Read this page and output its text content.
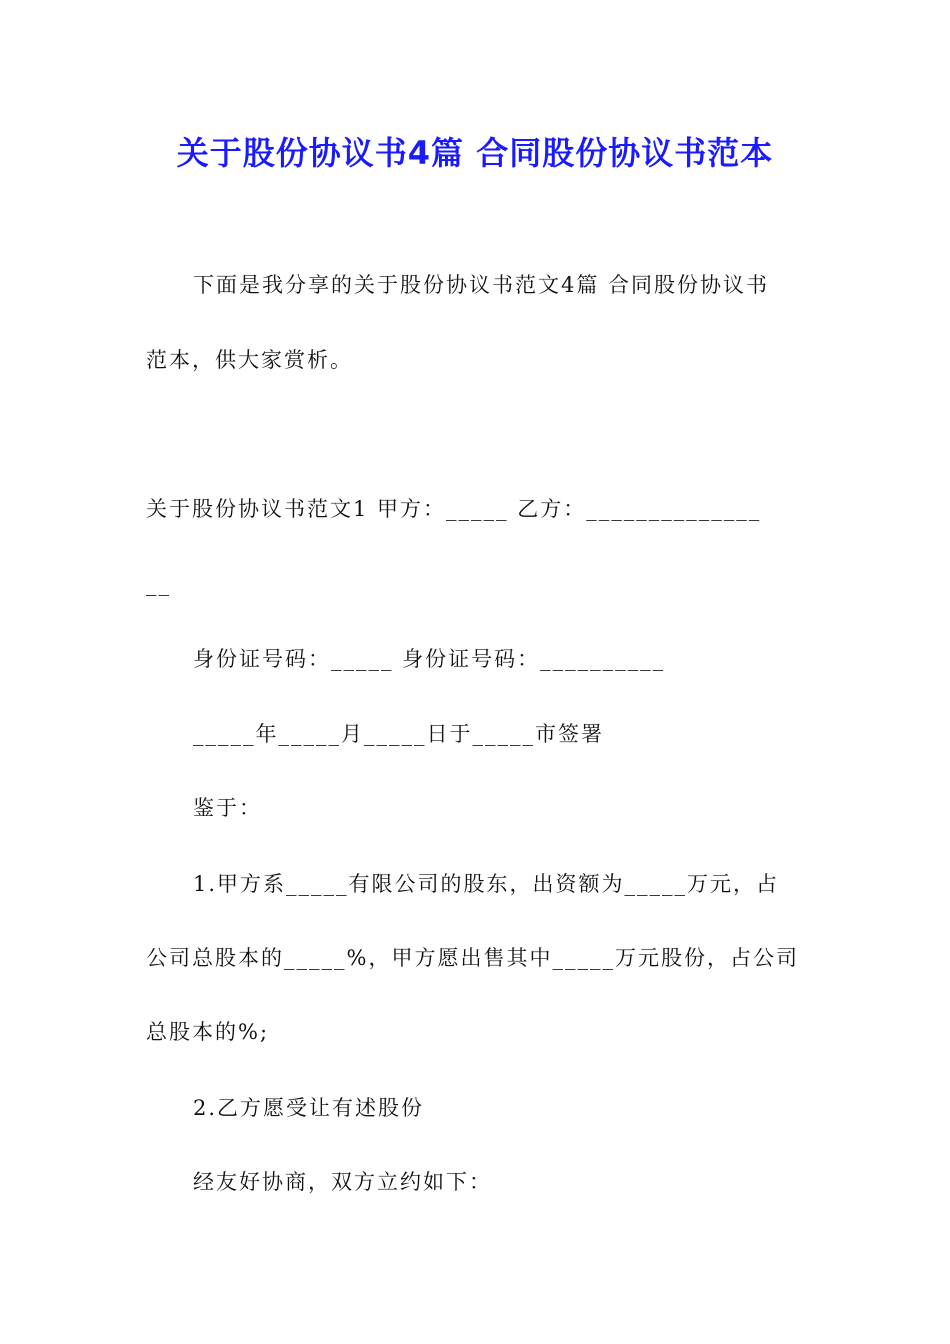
关于股份协议书4篇 合同股份协议书范本
下面是我分享的关于股份协议书范文4篇 合同股份协议书
范本，供大家赏析。
关于股份协议书范文1 甲方：_____ 乙方：______________
__
身份证号码：_____ 身份证号码：__________
_____年_____月_____日于_____市签署
鉴于：
1.甲方系_____有限公司的股东，出资额为_____万元，占
公司总股本的_____%，甲方愿出售其中_____万元股份，占公司
总股本的%;
2.乙方愿受让有述股份
经友好协商，双方立约如下：
